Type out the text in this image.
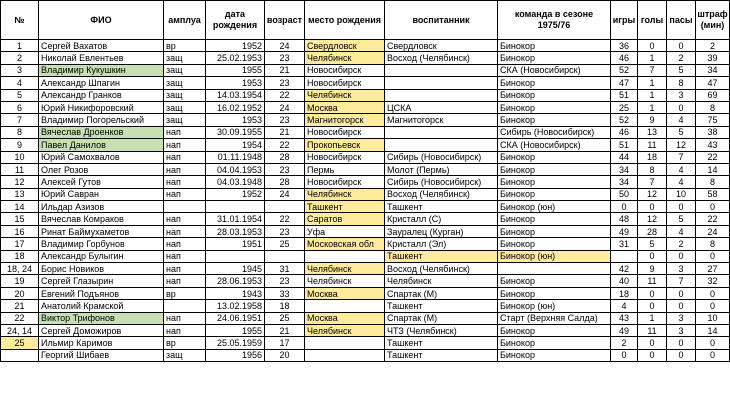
№	ФИО	амплуа	дата рождения	возраст	место рождения	воспитанник	команда в сезоне 1975/76	игры	голы	пасы	штраф (мин)
1	Сергей Вахатов	вр	1952	24	Свердловск	Свердловск	Бинокор	36	0	0	2
2	Николай Евлентьев	защ	25.02.1953	23	Челябинск	Восход (Челябинск)	Бинокор	46	1	2	39
3	Владимир Кукушкин	защ	1955	21	Новосибирск		СКА (Новосибирск)	52	7	5	34
4	Александр Шпагин	защ	1953	23	Новосибирск		Бинокор	47	1	8	47
5	Александр Гранков	защ	14.03.1954	22	Челябинск		Бинокор	51	1	3	69
6	Юрий Никифоровский	защ	16.02.1952	24	Москва	ЦСКА	Бинокор	25	1	0	8
7	Владимир Погорельский	защ	1953	23	Магнитогорск	Магнитогорск	Бинокор	52	9	4	75
8	Вячеслав Дроенков	нап	30.09.1955	21	Новосибирск		Сибирь (Новосибирск)	46	13	5	38
9	Павел Данилов	нап	1954	22	Прокопьевск		СКА (Новосибирск)	51	11	12	43
10	Юрий Самохвалов	нап	01.11.1948	28	Новосибирск	Сибирь (Новосибирск)	Бинокор	44	18	7	22
11	Олег Розов	нап	04.04.1953	23	Пермь	Молот (Пермь)	Бинокор	34	8	4	14
12	Алексей Гутов	нап	04.03.1948	28	Новосибирск	Сибирь (Новосибирск)	Бинокор	34	7	4	8
13	Юрий Савран	нап	1952	24	Челябинск	Восход (Челябинск)	Бинокор	50	12	10	58
14	Ильдар Азизов				Ташкент	Ташкент	Бинокор (юн)	0	0	0	0
15	Вячеслав Комраков	нап	31.01.1954	22	Саратов	Кристалл (С)	Бинокор	48	12	5	22
16	Ринат Баймухаметов	нап	28.03.1953	23	Уфа	Зауралец (Курган)	Бинокор	49	28	4	24
17	Владимир Горбунов	нап	1951	25	Московская обл	Кристалл (Эл)	Бинокор	31	5	2	8
18	Александр Булыгин	нап				Ташкент	Бинокор (юн)		0	0	0
18, 24	Борис Новиков	нап	1945	31	Челябинск	Восход (Челябинск)		42	9	3	27
19	Сергей Глазырин	нап	28.06.1953	23	Челябинск	Челябинск	Бинокор	40	11	7	32
20	Евгений Подъянов	вр	1943	33	Москва	Спартак (М)	Бинокор	18	0	0	0
21	Анатолий Крамской		13.02.1958	18		Ташкент	Бинокор (юн)	4	0	0	0
22	Виктор Трифонов	нап	24.06.1951	25	Москва	Спартак (М)	Старт (Верхняя Салда)	43	1	3	10
24, 14	Сергей Доможиров	нап	1955	21	Челябинск	ЧТЗ (Челябинск)	Бинокор	49	11	3	14
25	Ильмир Каримов	вр	25.05.1959	17		Ташкент	Бинокор	2	0	0	0
	Георгий Шибаев	защ	1956	20		Ташкент	Бинокор	0	0	0	0
